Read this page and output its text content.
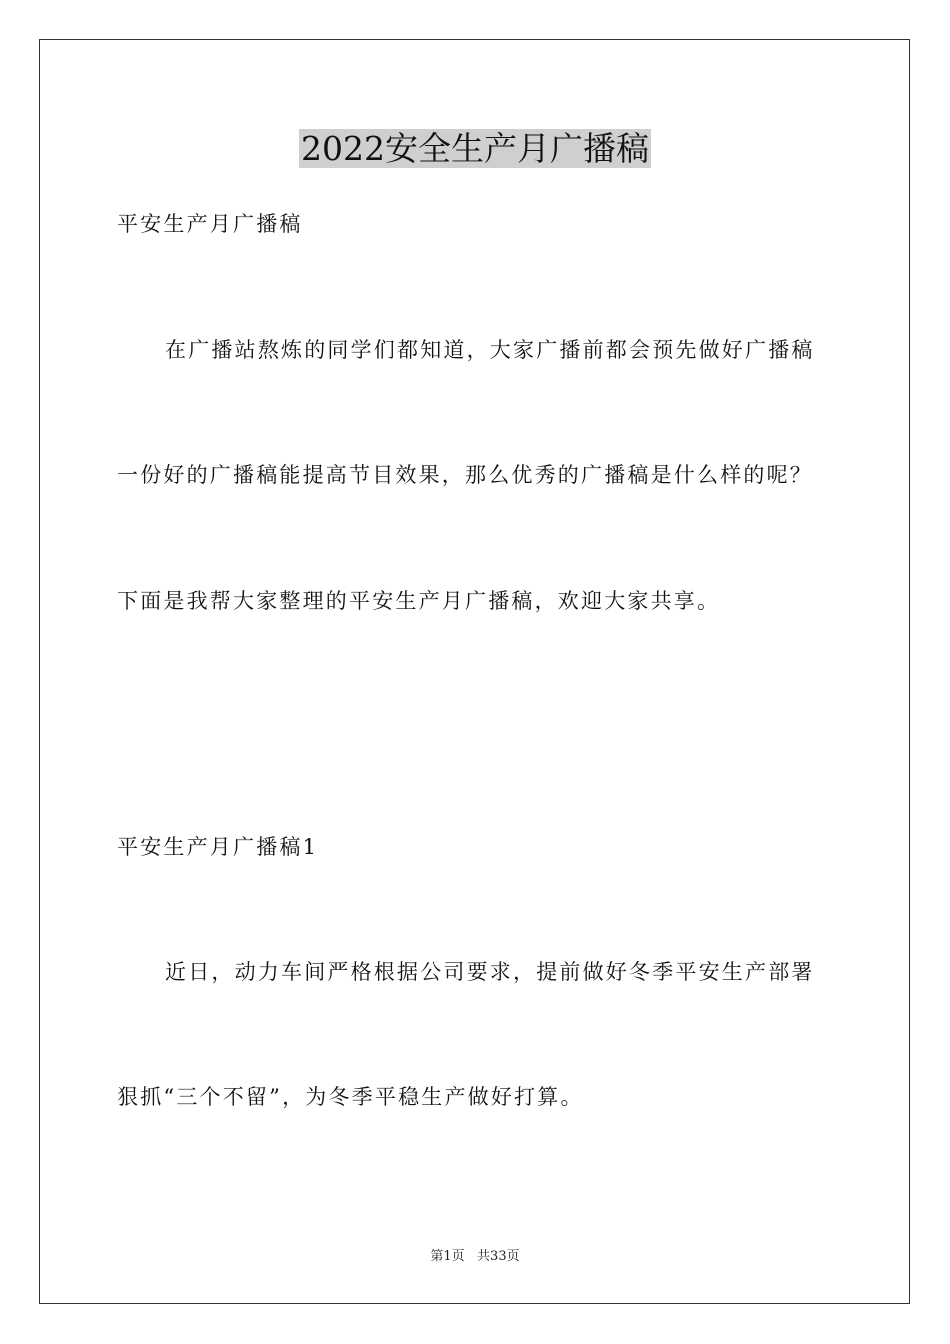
2022安全生产月广播稿
平安生产月广播稿
在广播站熬炼的同学们都知道，大家广播前都会预先做好广播稿
一份好的广播稿能提高节目效果，那么优秀的广播稿是什么样的呢？
下面是我帮大家整理的平安生产月广播稿，欢迎大家共享。
平安生产月广播稿1
近日，动力车间严格根据公司要求，提前做好冬季平安生产部署
狠抓“三个不留”，为冬季平稳生产做好打算。
第1页   共33页
